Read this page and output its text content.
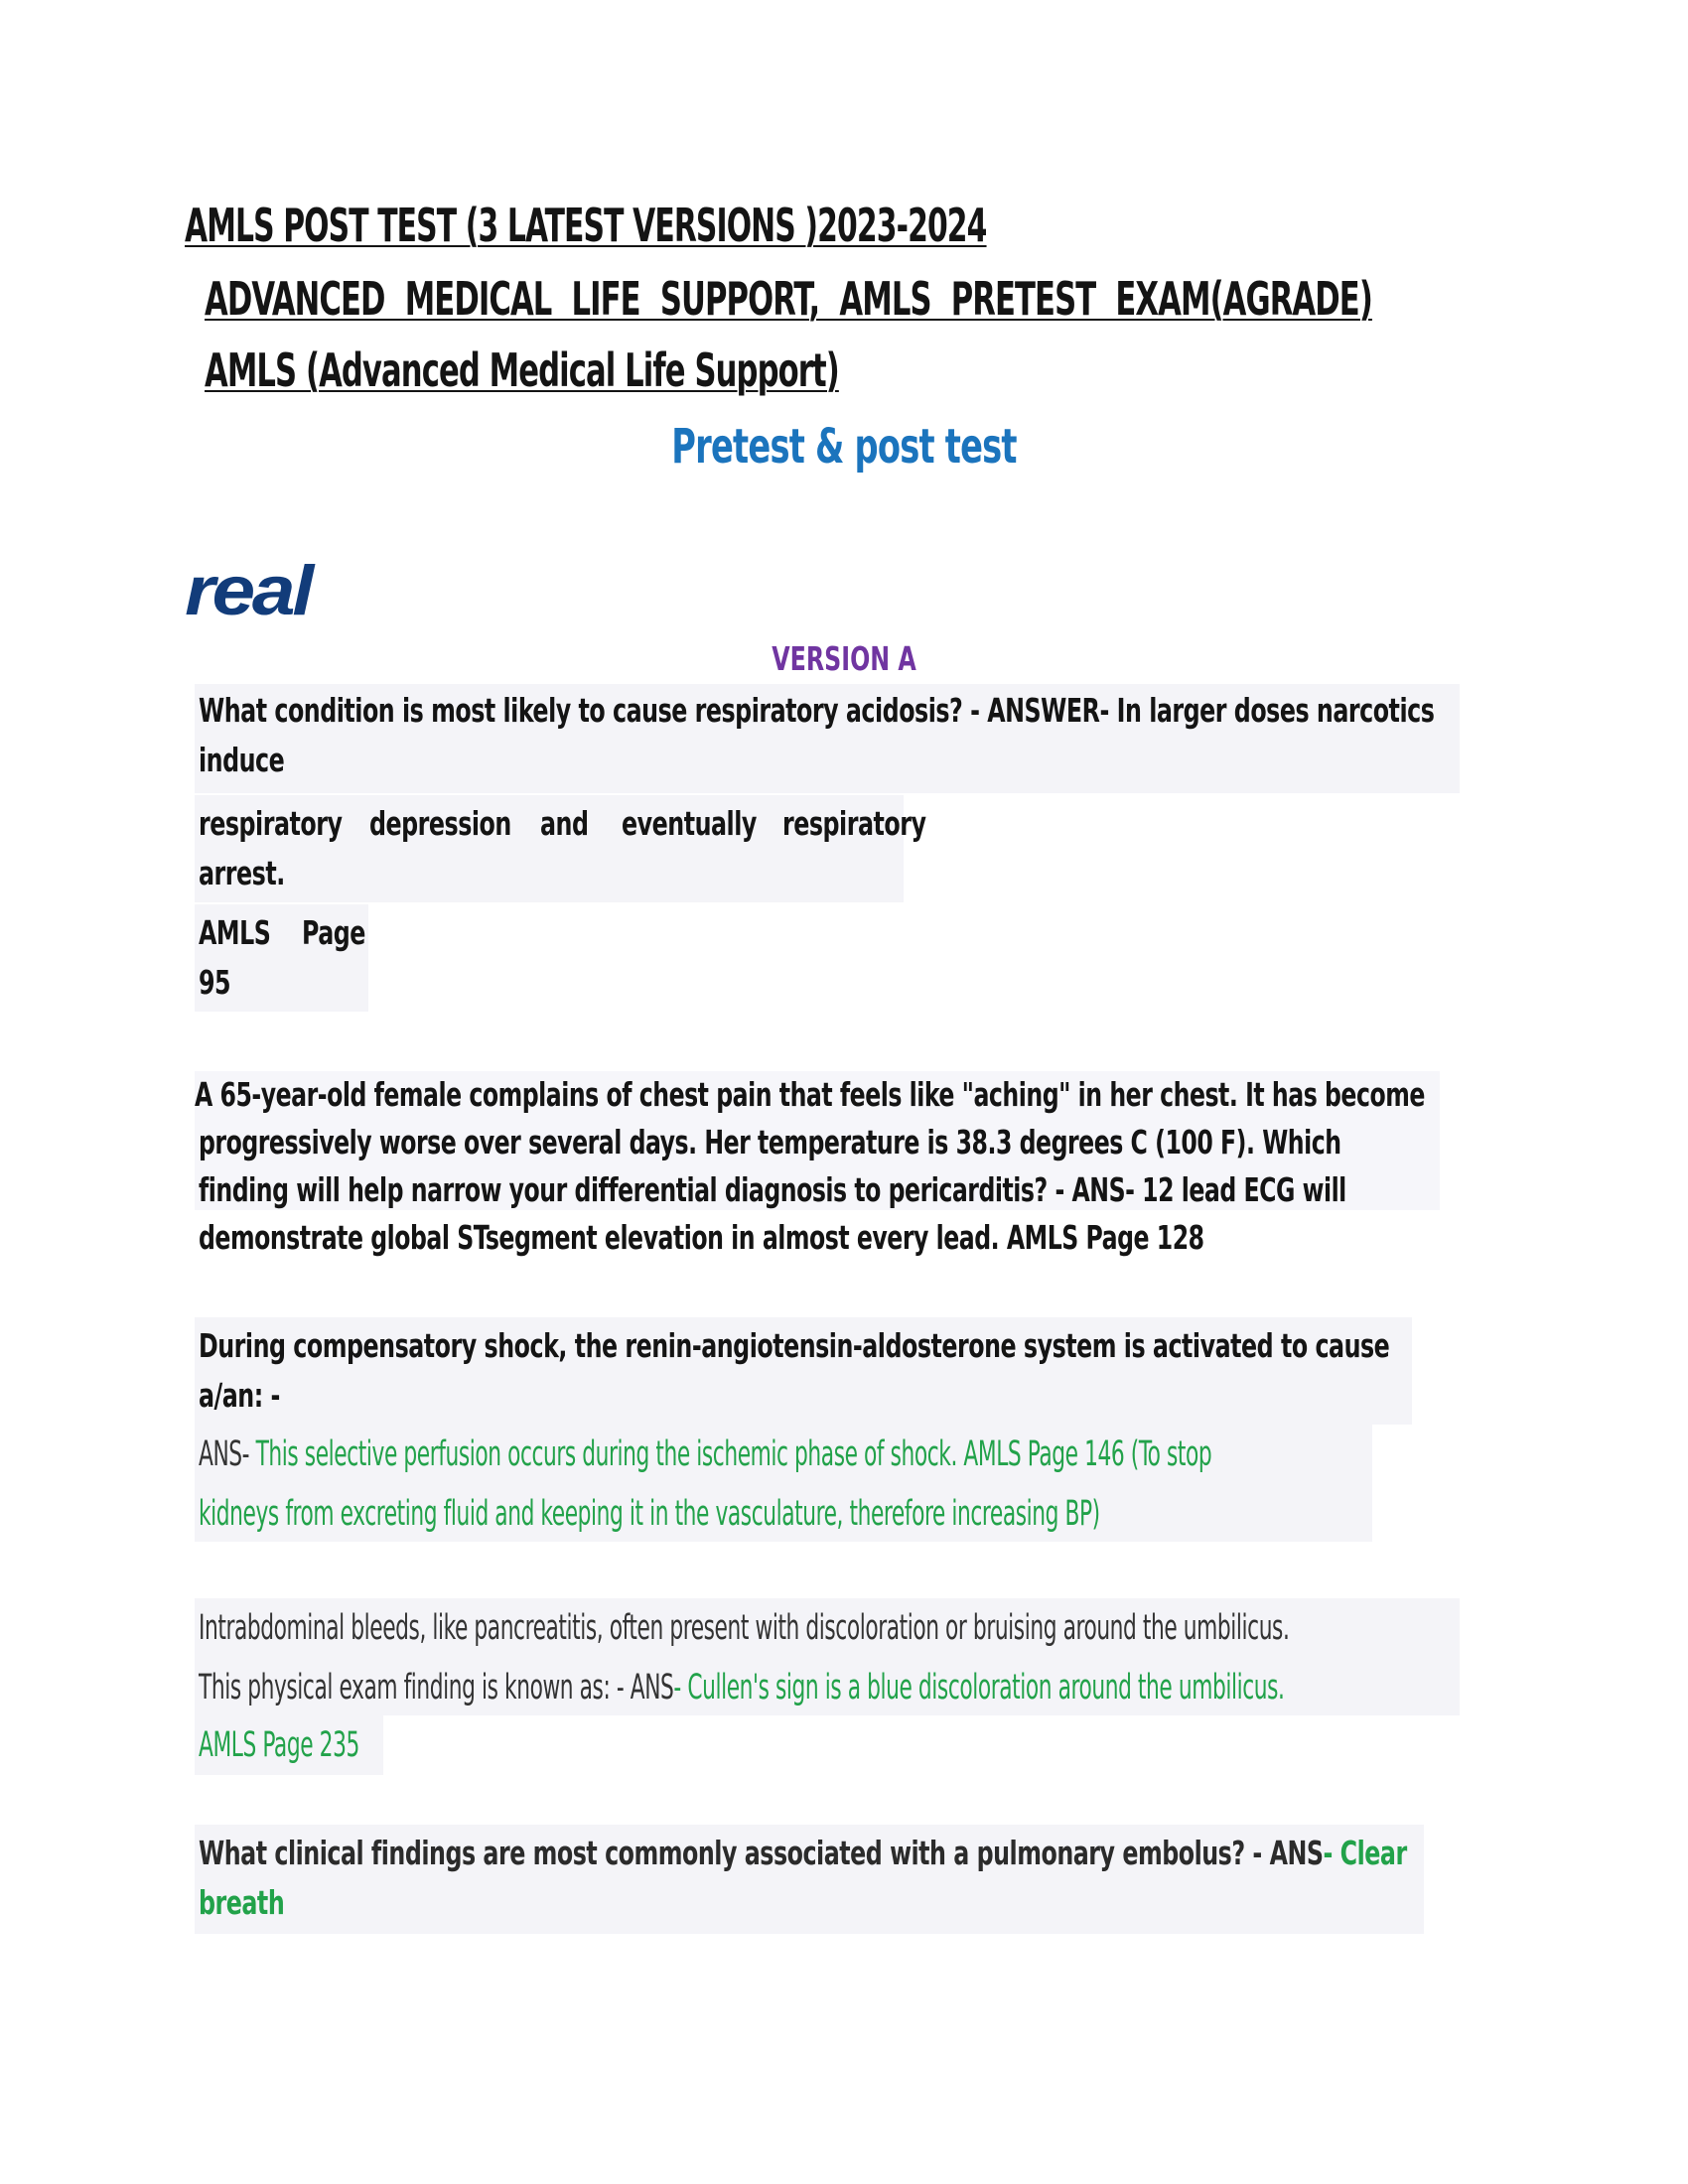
AMLS POST TEST (3 LATEST VERSIONS )2023-2024
ADVANCED MEDICAL LIFE SUPPORT, AMLS PRETEST EXAM(AGRADE)
AMLS (Advanced Medical Life Support)
Pretest & post test
real
VERSION A
What condition is most likely to cause respiratory acidosis? - ANSWER- In larger doses narcotics induce
respiratory depression and eventually respiratory
arrest.
AMLS Page
95
A 65-year-old female complains of chest pain that feels like "aching" in her chest. It has become progressively worse over several days. Her temperature is 38.3 degrees C (100 F). Which finding will help narrow your differential diagnosis to pericarditis? - ANS- 12 lead ECG will
demonstrate global STsegment elevation in almost every lead. AMLS Page 128
During compensatory shock, the renin-angiotensin-aldosterone system is activated to cause a/an: -
ANS- This selective perfusion occurs during the ischemic phase of shock. AMLS Page 146 (To stop kidneys from excreting fluid and keeping it in the vasculature, therefore increasing BP)
Intrabdominal bleeds, like pancreatitis, often present with discoloration or bruising around the umbilicus. This physical exam finding is known as: - ANS- Cullen's sign is a blue discoloration around the umbilicus.
AMLS Page 235
What clinical findings are most commonly associated with a pulmonary embolus? - ANS- Clear breath
